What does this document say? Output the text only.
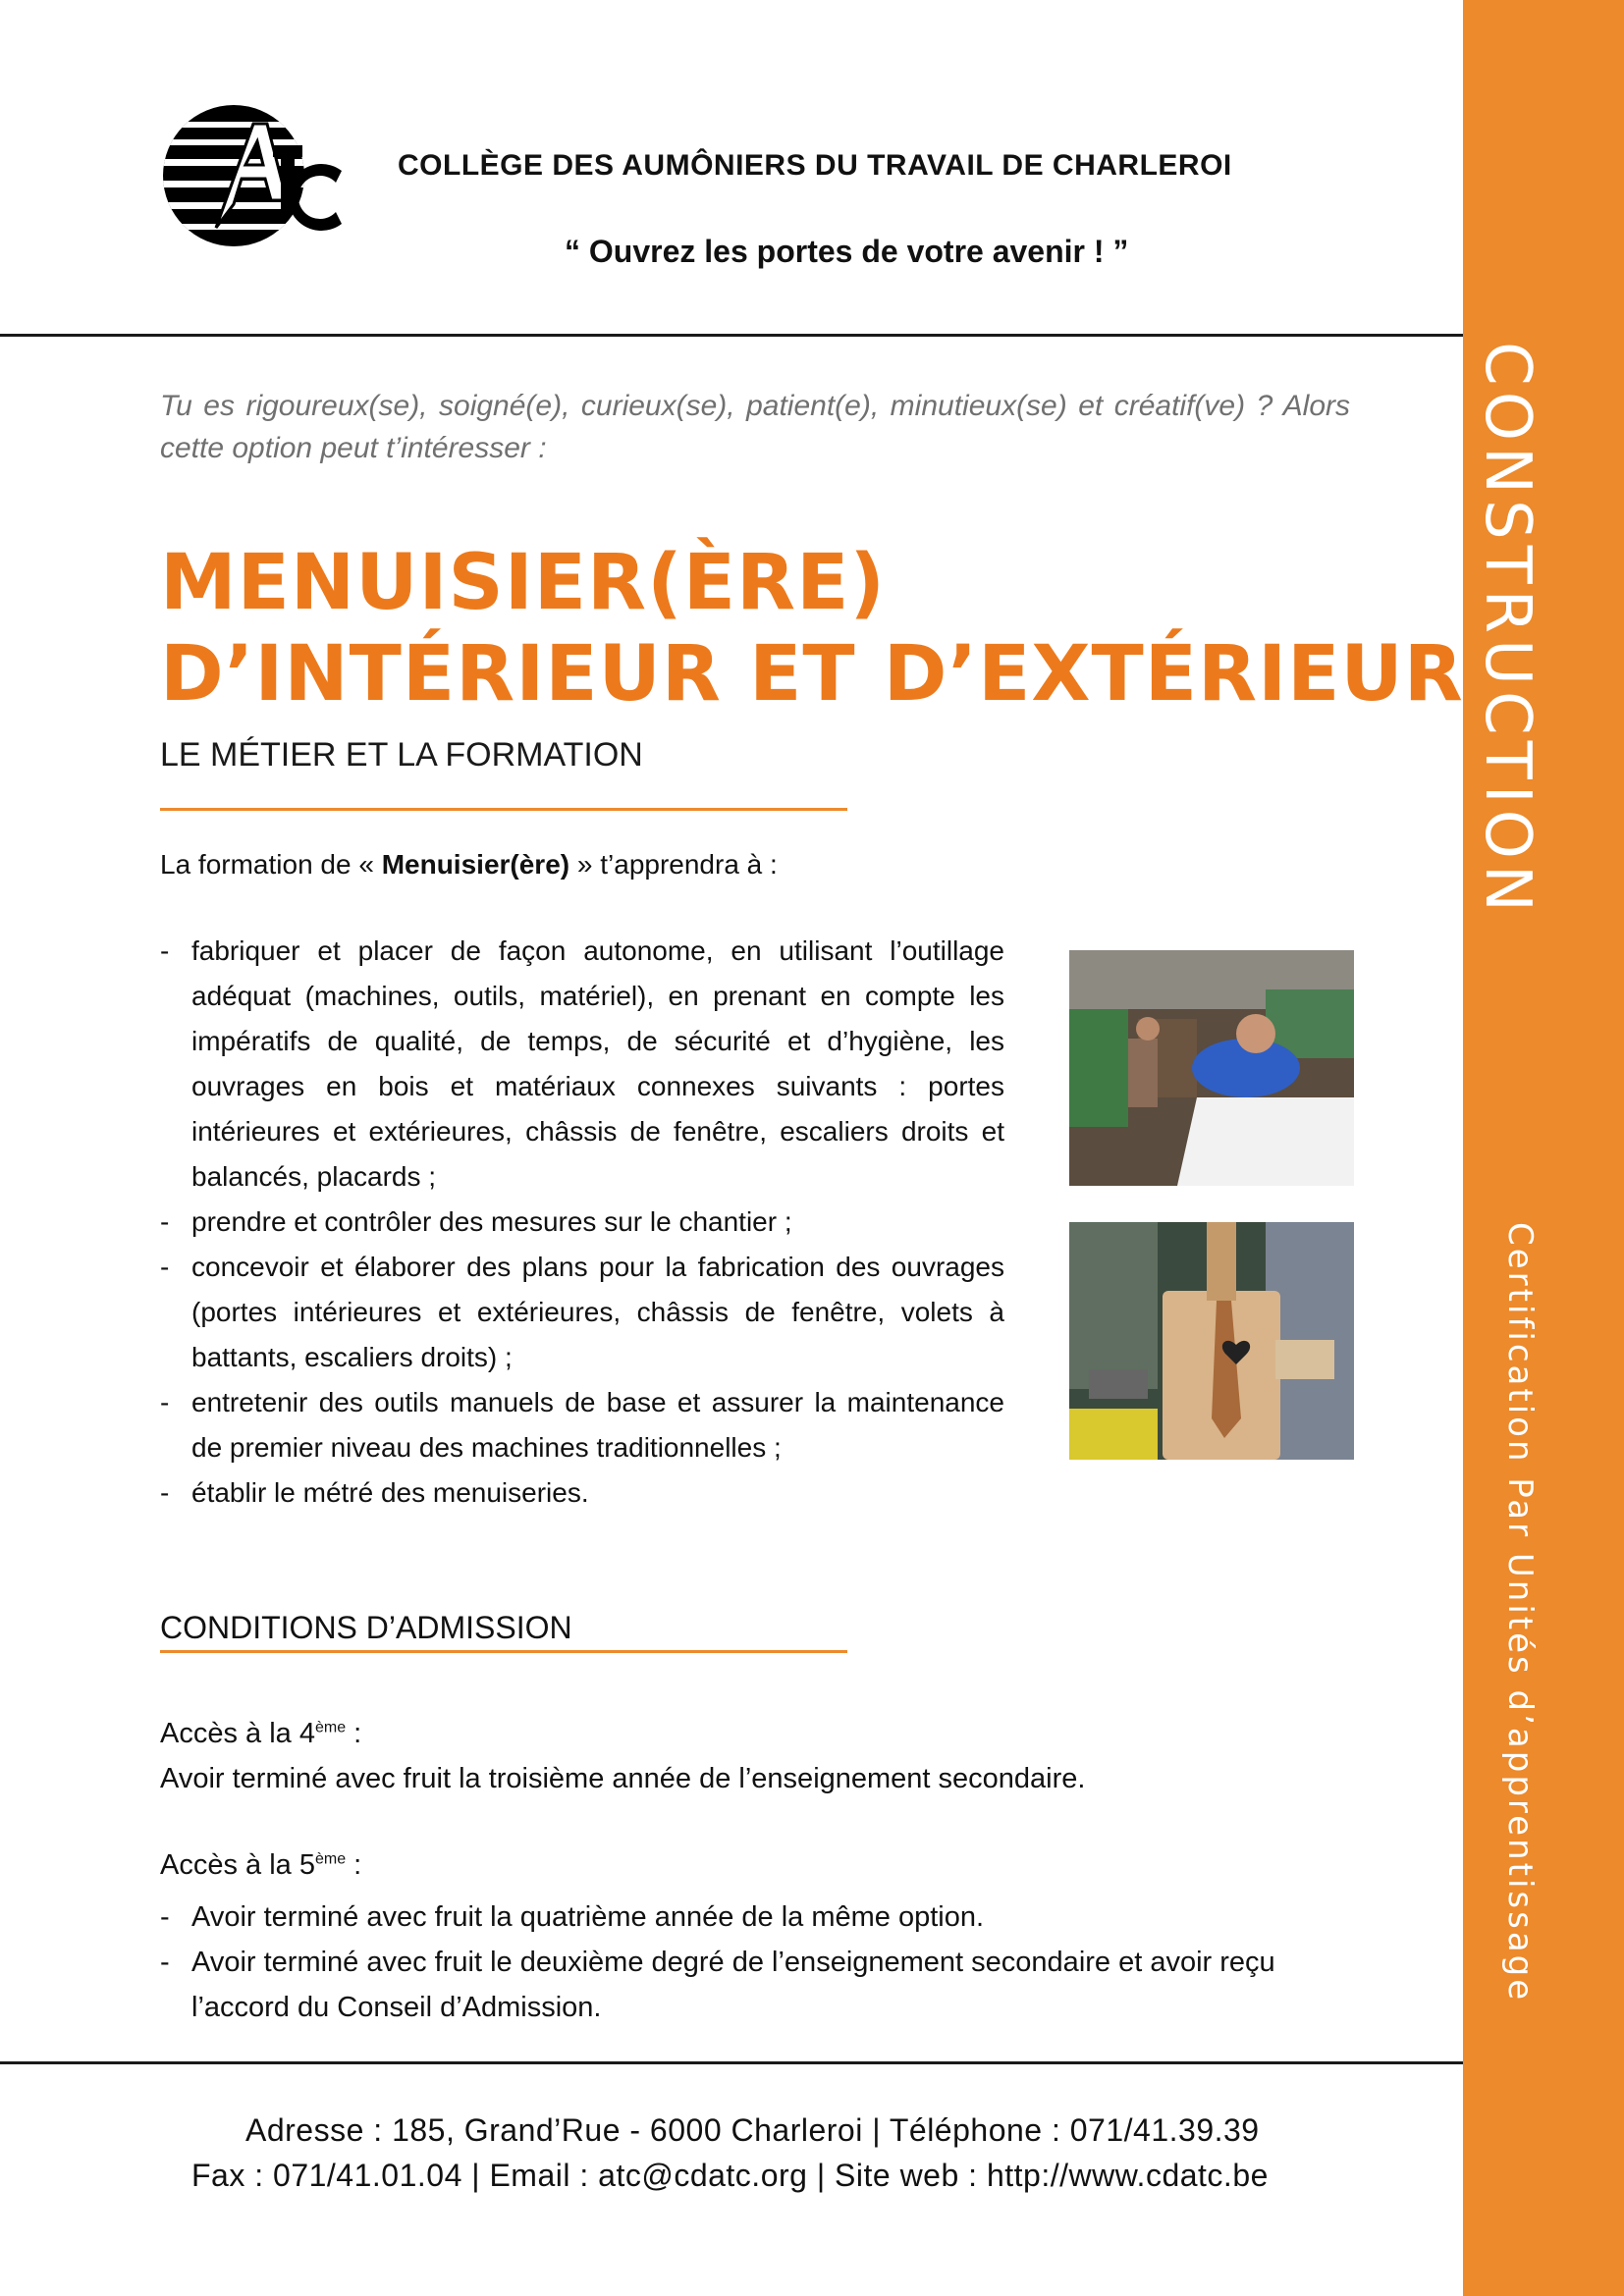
CONSTRUCTION
Certification Par Unités d’apprentissage
COLLÈGE DES AUMÔNIERS DU TRAVAIL DE CHARLEROI
“ Ouvrez les portes de votre avenir ! ”
Tu es rigoureux(se), soigné(e), curieux(se), patient(e), minutieux(se) et créatif(ve) ? Alors cette option peut t’intéresser :
MENUISIER(ÈRE)
D’INTÉRIEUR ET D’EXTÉRIEUR
LE MÉTIER ET LA FORMATION
La formation de « Menuisier(ère) » t’apprendra à :
- fabriquer et placer de façon autonome, en utilisant l’outillage adéquat (machines, outils, matériel), en prenant en compte les impératifs de qualité, de temps, de sécurité et d’hygiène, les ouvrages en bois et matériaux connexes suivants : portes intérieures et extérieures, châssis de fenêtre, escaliers droits et balancés, placards ;
- prendre et contrôler des mesures sur le chantier ;
- concevoir et élaborer des plans pour la fabrication des ouvrages (portes intérieures et extérieures, châssis de fenêtre, volets à battants, escaliers droits) ;
- entretenir des outils manuels de base et assurer la maintenance de premier niveau des machines traditionnelles ;
- établir le métré des menuiseries.
CONDITIONS D’ADMISSION
Accès à la 4ème :
Avoir terminé avec fruit la troisième année de l’enseignement secondaire.
Accès à la 5ème :
- Avoir terminé avec fruit la quatrième année de la même option.
- Avoir terminé avec fruit le deuxième degré de l’enseignement secondaire et avoir reçu l’accord du Conseil d’Admission.
Adresse : 185, Grand’Rue - 6000 Charleroi | Téléphone : 071/41.39.39
Fax : 071/41.01.04 | Email : atc@cdatc.org | Site web : http://www.cdatc.be
